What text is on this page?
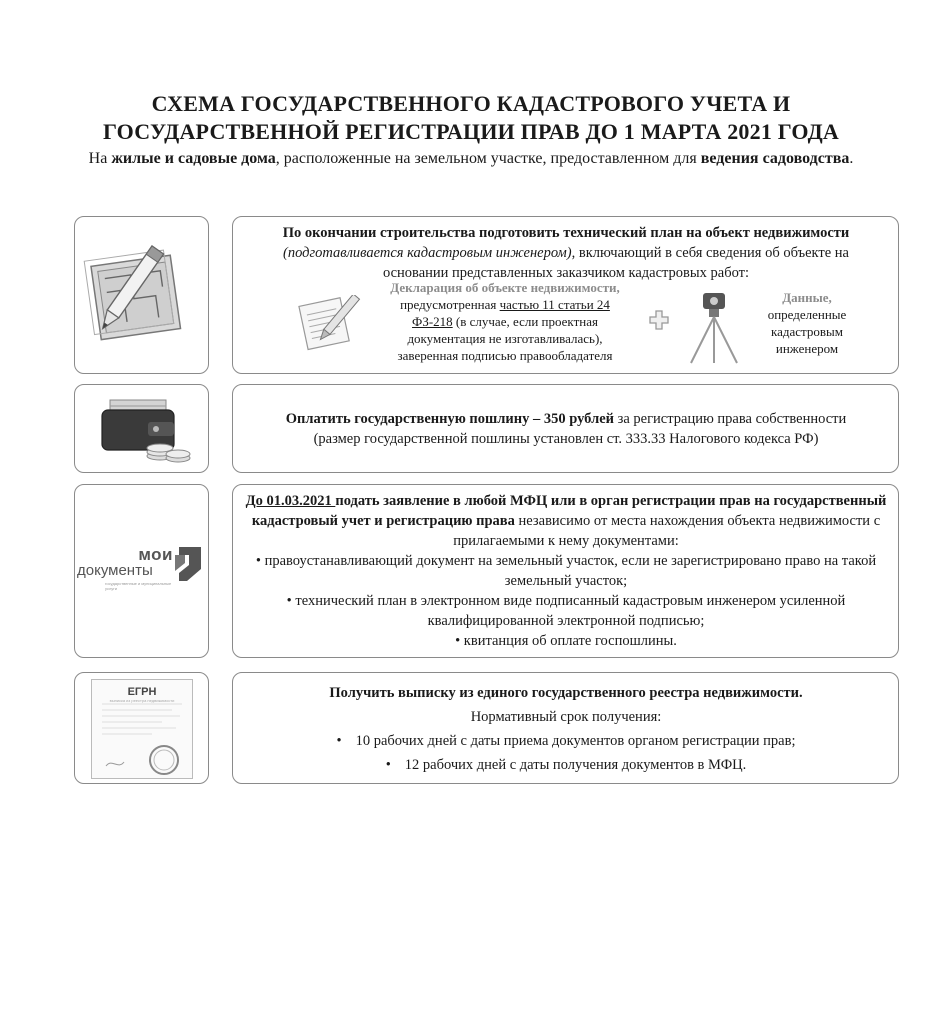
СХЕМА ГОСУДАРСТВЕННОГО КАДАСТРОВОГО УЧЕТА И
ГОСУДАРСТВЕННОЙ РЕГИСТРАЦИИ ПРАВ ДО 1 МАРТА 2021 ГОДА
На жилые и садовые дома, расположенные на земельном участке, предоставленном для ведения садоводства.
По окончании строительства подготовить технический план на объект недвижимости (подготавливается кадастровым инженером), включающий в себя сведения об объекте на основании представленных заказчиком кадастровых работ:
Декларация об объекте недвижимости,
предусмотренная частью 11 статьи 24
ФЗ-218 (в случае, если проектная
документация не изготавливалась),
заверенная подписью правообладателя
Данные,
определенные
кадастровым
инженером
Оплатить государственную пошлину – 350 рублей за регистрацию права собственности
(размер государственной пошлины установлен ст. 333.33 Налогового кодекса РФ)
мои
документы
государственные и муниципальные услуги
До 01.03.2021 подать заявление в любой МФЦ или в орган регистрации прав на государственный кадастровый учет и регистрацию права независимо от места нахождения объекта недвижимости с прилагаемыми к нему документами:
• правоустанавливающий документ на земельный участок, если не зарегистрировано право на такой земельный участок;
• технический план в электронном виде подписанный кадастровым инженером усиленной квалифицированной электронной подписью;
• квитанция об оплате госпошлины.
ЕГРН
выписка из реестра недвижимости	Получить выписку из единого государственного реестра недвижимости.
Нормативный срок получения:
• 10 рабочих дней с даты приема документов органом регистрации прав;
• 12 рабочих дней с даты получения документов в МФЦ.
